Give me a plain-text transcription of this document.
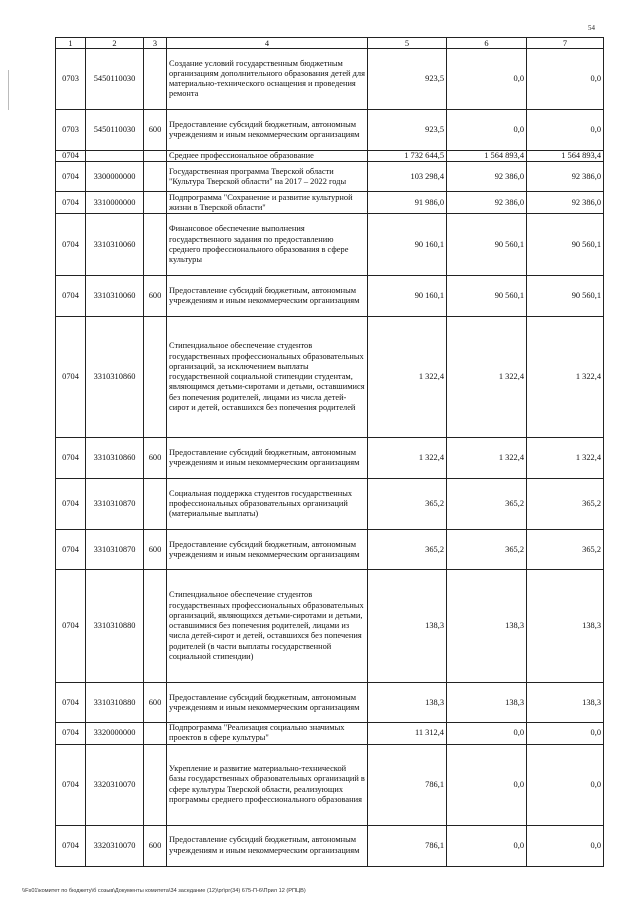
54
1	2	3	4	5	6	7
0703	5450110030		Создание условий государственным бюджетным организациям дополнительного образования детей для материально-технического оснащения и проведения ремонта	923,5	0,0	0,0
0703	5450110030	600	Предоставление субсидий бюджетным, автономным учреждениям и иным некоммерческим организациям	923,5	0,0	0,0
0704			Среднее профессиональное образование	1 732 644,5	1 564 893,4	1 564 893,4
0704	3300000000		Государственная программа Тверской области "Культура Тверской области" на 2017 – 2022 годы	103 298,4	92 386,0	92 386,0
0704	3310000000		Подпрограмма "Сохранение и развитие культурной жизни в Тверской области"	91 986,0	92 386,0	92 386,0
0704	3310310060		Финансовое обеспечение выполнения государственного задания по предоставлению среднего профессионального образования в сфере культуры	90 160,1	90 560,1	90 560,1
0704	3310310060	600	Предоставление субсидий бюджетным, автономным учреждениям и иным некоммерческим организациям	90 160,1	90 560,1	90 560,1
0704	3310310860		Стипендиальное обеспечение студентов государственных профессиональных образовательных организаций, за исключением выплаты государственной социальной стипендии студентам, являющимся детьми-сиротами и детьми, оставшимися без попечения родителей, лицами из числа детей-сирот и детей, оставшихся без попечения родителей	1 322,4	1 322,4	1 322,4
0704	3310310860	600	Предоставление субсидий бюджетным, автономным учреждениям и иным некоммерческим организациям	1 322,4	1 322,4	1 322,4
0704	3310310870		Социальная поддержка студентов государственных профессиональных образовательных организаций (материальные выплаты)	365,2	365,2	365,2
0704	3310310870	600	Предоставление субсидий бюджетным, автономным учреждениям и иным некоммерческим организациям	365,2	365,2	365,2
0704	3310310880		Стипендиальное обеспечение студентов государственных профессиональных образовательных организаций, являющихся детьми-сиротами и детьми, оставшимися без попечения родителей, лицами из числа детей-сирот и детей, оставшихся без попечения родителей (в части выплаты государственной социальной стипендии)	138,3	138,3	138,3
0704	3310310880	600	Предоставление субсидий бюджетным, автономным учреждениям и иным некоммерческим организациям	138,3	138,3	138,3
0704	3320000000		Подпрограмма "Реализация социально значимых проектов в сфере культуры"	11 312,4	0,0	0,0
0704	3320310070		Укрепление и развитие материально-технической базы государственных образовательных организаций в сфере культуры Тверской области, реализующих программы среднего профессионального образования	786,1	0,0	0,0
0704	3320310070	600	Предоставление субсидий бюджетным, автономным учреждениям и иным некоммерческим организациям	786,1	0,0	0,0
\\Fs01\комитет по бюджету\б созыв\Документы комитета\34 заседание (12)\рг\рг(34) 675-П-6\Прил 12 (РПЦВ)
